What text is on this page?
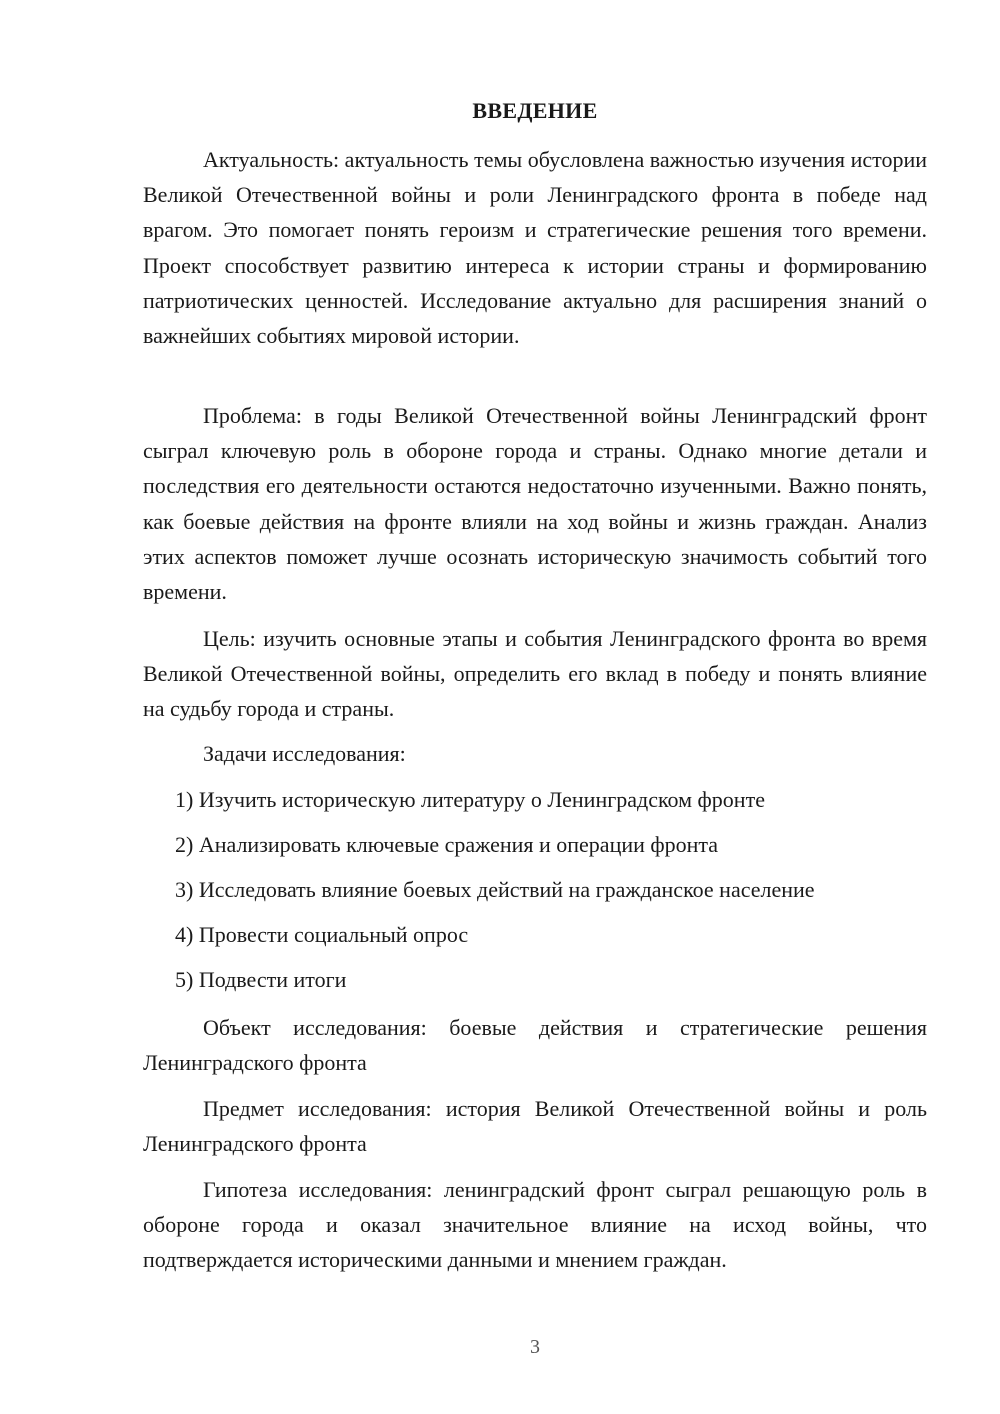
ВВЕДЕНИЕ

Актуальность: актуальность темы обусловлена важностью изучения истории Великой Отечественной войны и роли Ленинградского фронта в победе над врагом. Это помогает понять героизм и стратегические решения того времени. Проект способствует развитию интереса к истории страны и формированию патриотических ценностей. Исследование актуально для расширения знаний о важнейших событиях мировой истории.

Проблема: в годы Великой Отечественной войны Ленинградский фронт сыграл ключевую роль в обороне города и страны. Однако многие детали и последствия его деятельности остаются недостаточно изученными. Важно понять, как боевые действия на фронте влияли на ход войны и жизнь граждан. Анализ этих аспектов поможет лучше осознать историческую значимость событий того времени.

Цель: изучить основные этапы и события Ленинградского фронта во время Великой Отечественной войны, определить его вклад в победу и понять влияние на судьбу города и страны.

Задачи исследования:

1) Изучить историческую литературу о Ленинградском фронте

2) Анализировать ключевые сражения и операции фронта

3) Исследовать влияние боевых действий на гражданское население

4) Провести социальный опрос

5) Подвести итоги

Объект исследования: боевые действия и стратегические решения Ленинградского фронта

Предмет исследования: история Великой Отечественной войны и роль Ленинградского фронта

Гипотеза исследования: ленинградский фронт сыграл решающую роль в обороне города и оказал значительное влияние на исход войны, что подтверждается историческими данными и мнением граждан.

3
